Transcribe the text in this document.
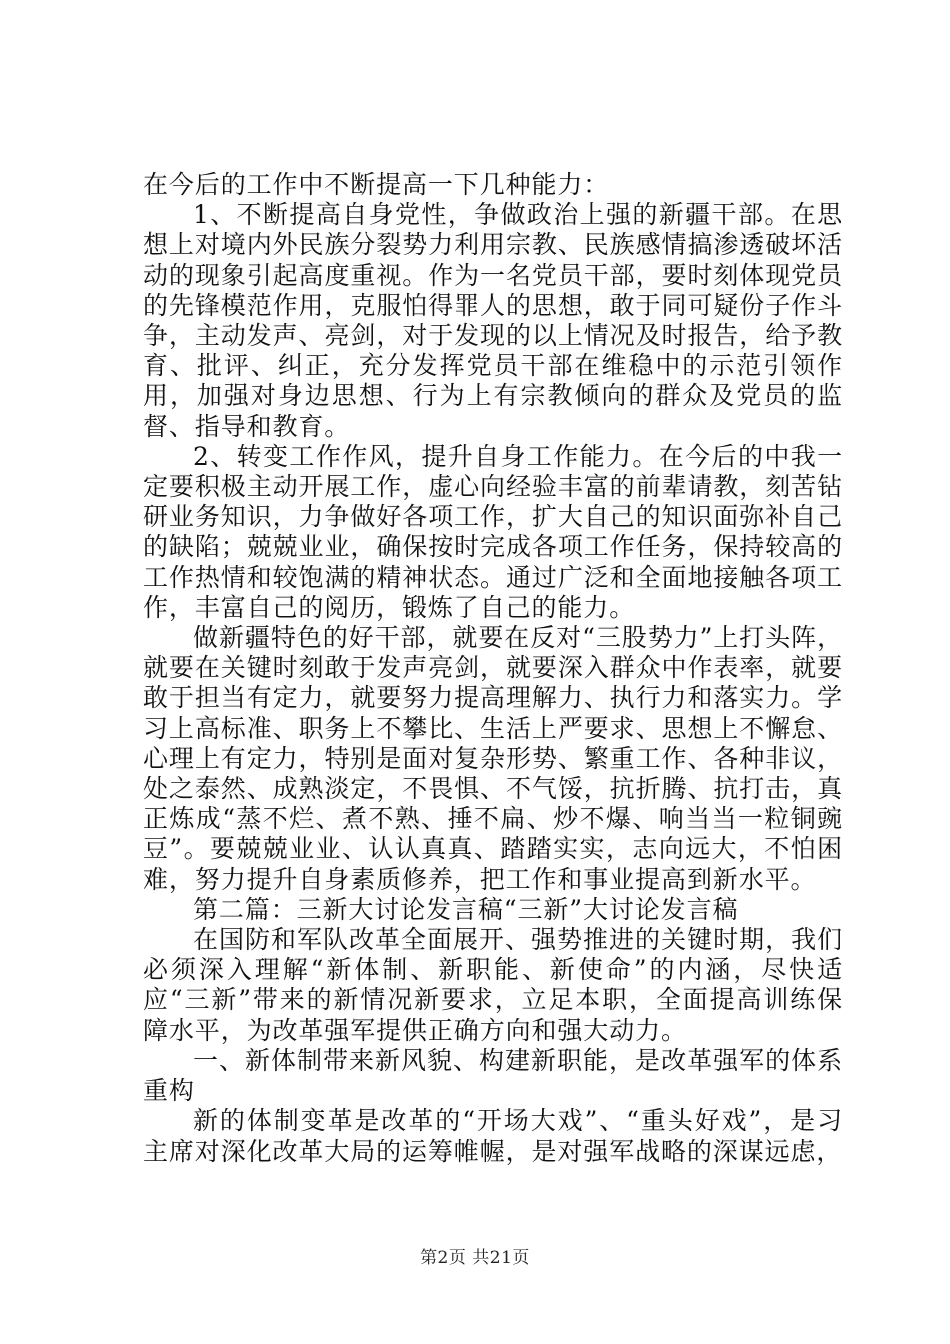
在今后的工作中不断提高一下几种能力：

1、不断提高自身党性，争做政治上强的新疆干部。在思想上对境内外民族分裂势力利用宗教、民族感情搞渗透破坏活动的现象引起高度重视。作为一名党员干部，要时刻体现党员的先锋模范作用，克服怕得罪人的思想，敢于同可疑份子作斗争，主动发声、亮剑，对于发现的以上情况及时报告，给予教育、批评、纠正，充分发挥党员干部在维稳中的示范引领作用，加强对身边思想、行为上有宗教倾向的群众及党员的监督、指导和教育。

2、转变工作作风，提升自身工作能力。在今后的中我一定要积极主动开展工作，虚心向经验丰富的前辈请教，刻苦钻研业务知识，力争做好各项工作，扩大自己的知识面弥补自己的缺陷；兢兢业业，确保按时完成各项工作任务，保持较高的工作热情和较饱满的精神状态。通过广泛和全面地接触各项工作，丰富自己的阅历，锻炼了自己的能力。

做新疆特色的好干部，就要在反对“三股势力”上打头阵，就要在关键时刻敢于发声亮剑，就要深入群众中作表率，就要敢于担当有定力，就要努力提高理解力、执行力和落实力。学习上高标准、职务上不攀比、生活上严要求、思想上不懈怠、心理上有定力，特别是面对复杂形势、繁重工作、各种非议，处之泰然、成熟淡定，不畏惧、不气馁，抗折腾、抗打击，真正炼成“蒸不烂、煮不熟、捶不扁、炒不爆、响当当一粒铜豌豆”。要兢兢业业、认认真真、踏踏实实，志向远大，不怕困难，努力提升自身素质修养，把工作和事业提高到新水平。

第二篇：三新大讨论发言稿“三新”大讨论发言稿

在国防和军队改革全面展开、强势推进的关键时期，我们必须深入理解“新体制、新职能、新使命”的内涵，尽快适应“三新”带来的新情况新要求，立足本职，全面提高训练保障水平，为改革强军提供正确方向和强大动力。

一、新体制带来新风貌、构建新职能，是改革强军的体系重构

新的体制变革是改革的“开场大戏”、“重头好戏”，是习主席对深化改革大局的运筹帷幄，是对强军战略的深谋远虑，

第2页 共21页
